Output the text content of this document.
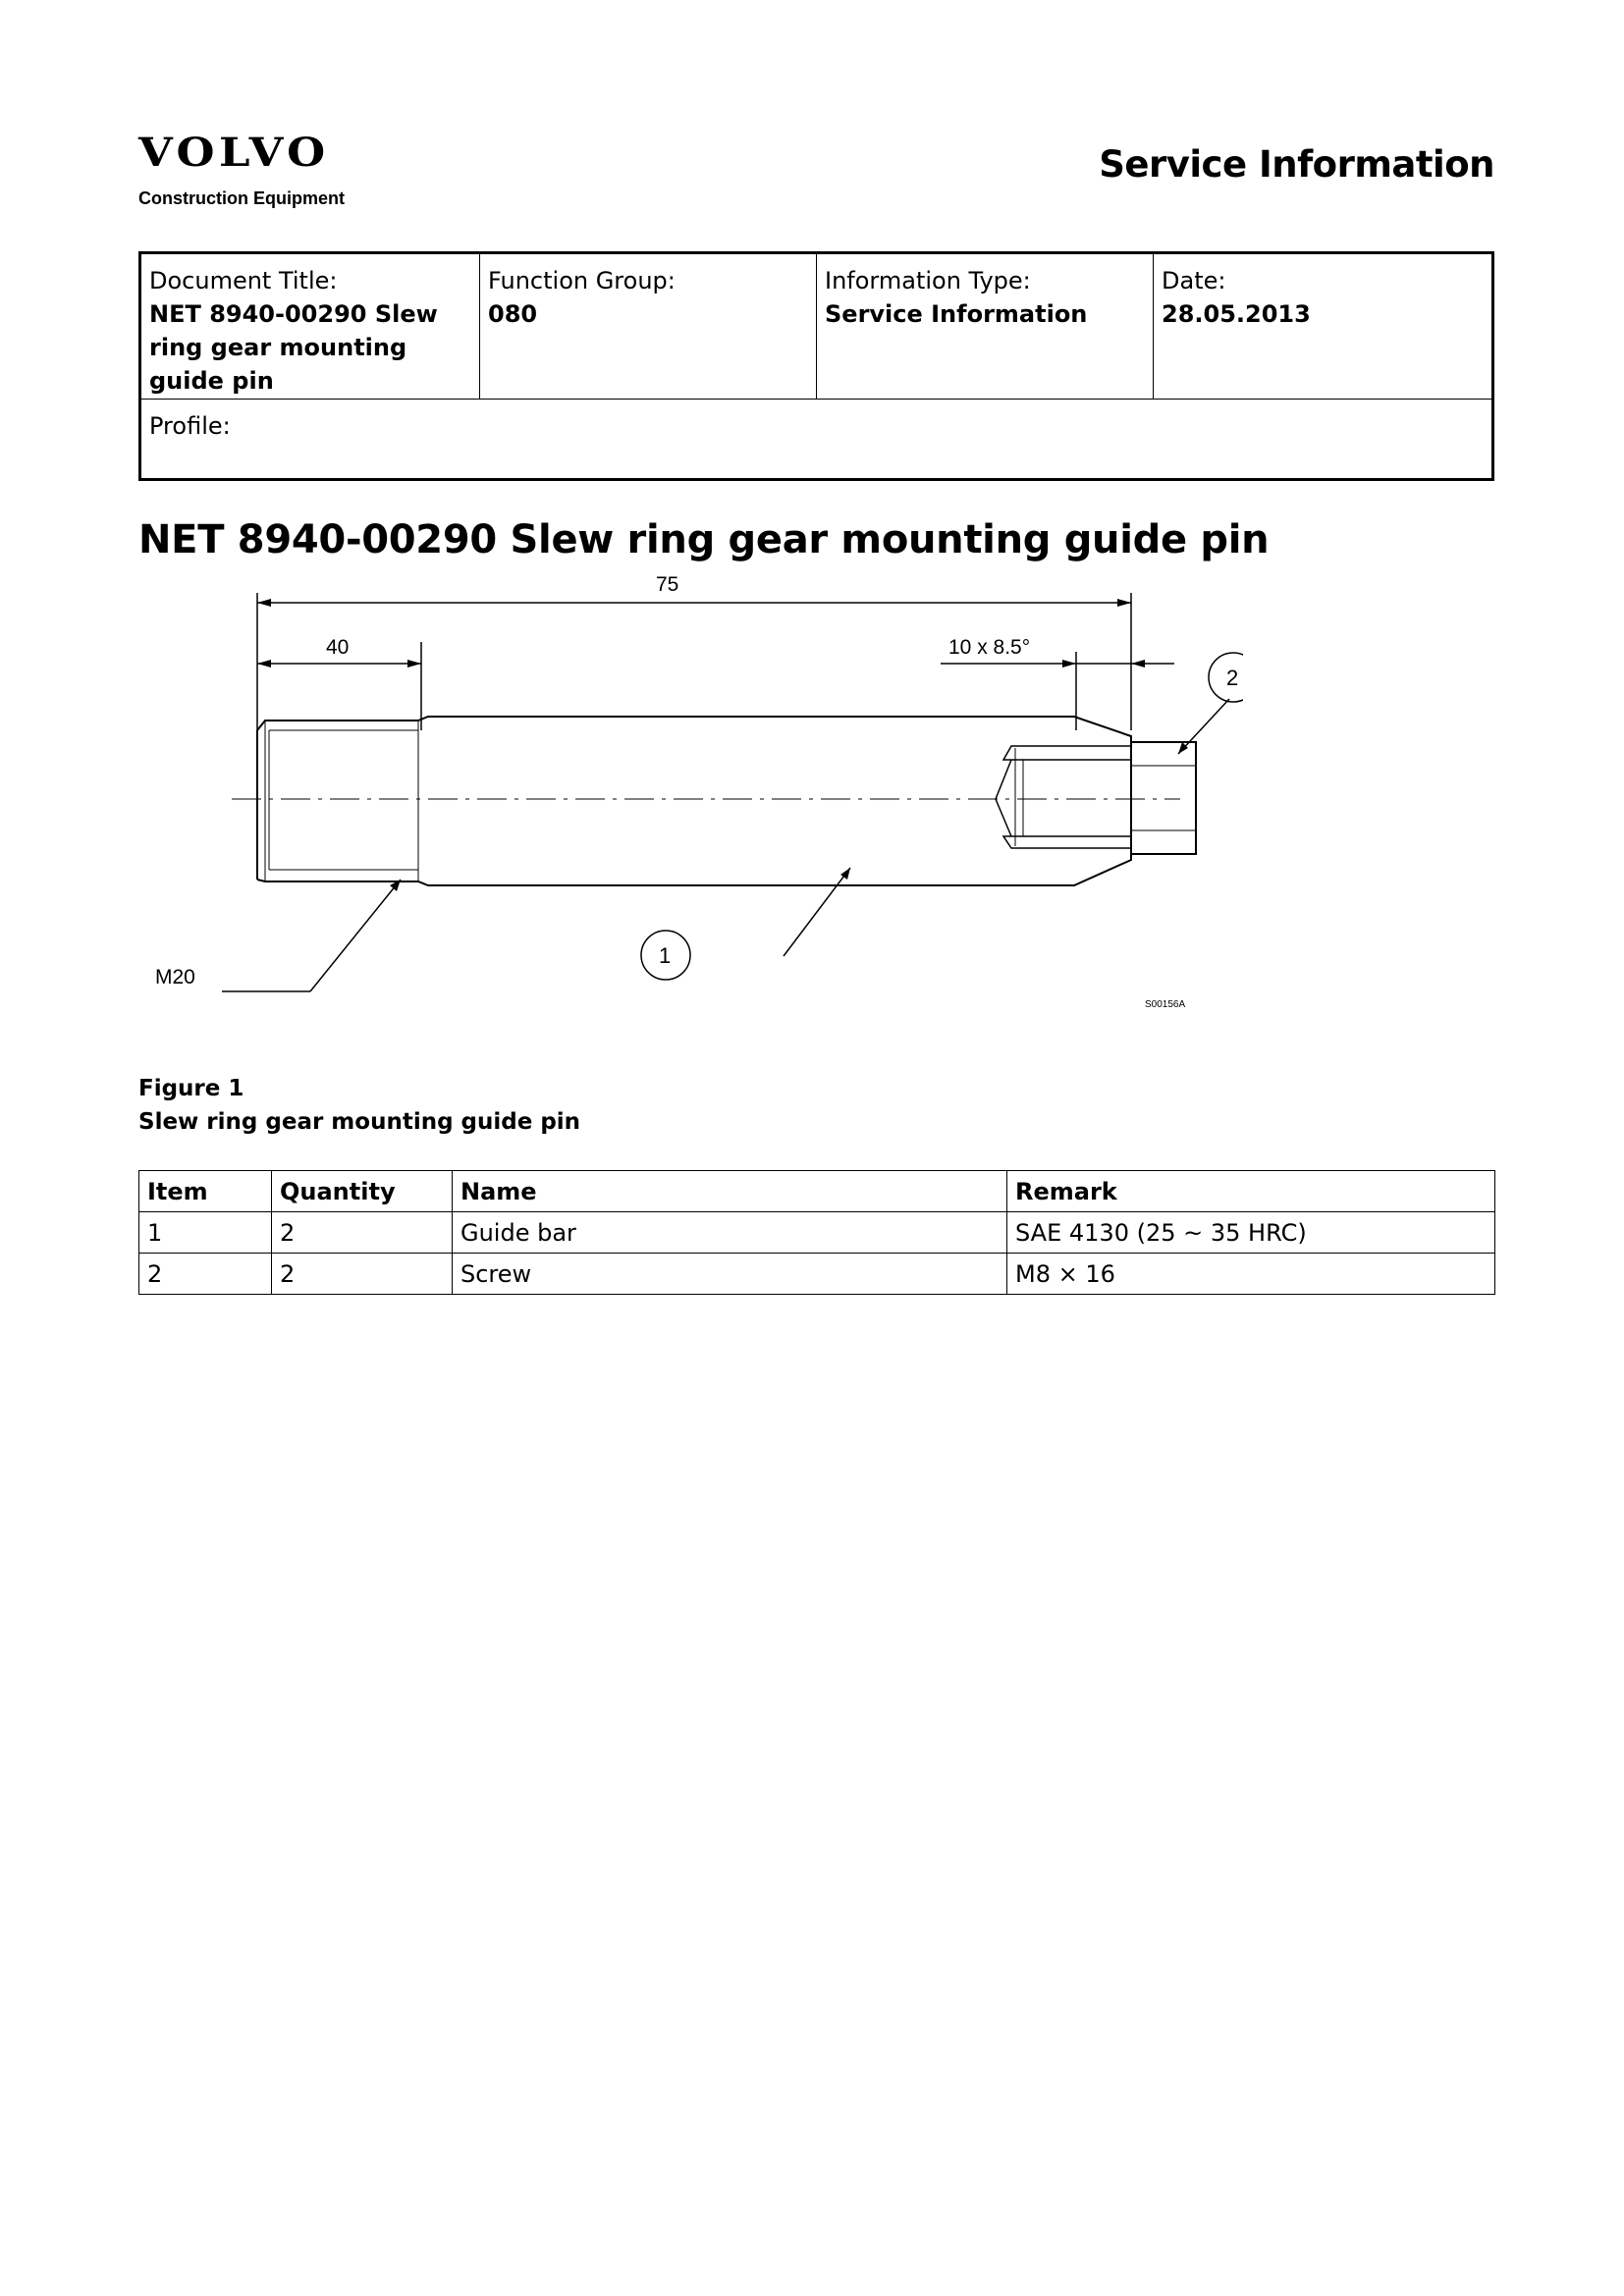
VOLVO
Construction Equipment
Service Information
Document Title:
NET 8940-00290 Slew ring gear mounting guide pin
Function Group:
080
Information Type:
Service Information
Date:
28.05.2013
Profile:
NET 8940-00290 Slew ring gear mounting guide pin
75
40	10 x 8.5°
M20
1
2
S00156A
Figure 1
Slew ring gear mounting guide pin
Item	Quantity	Name	Remark
1	2	Guide bar	SAE 4130 (25 ~ 35 HRC)
2	2	Screw	M8 × 16
